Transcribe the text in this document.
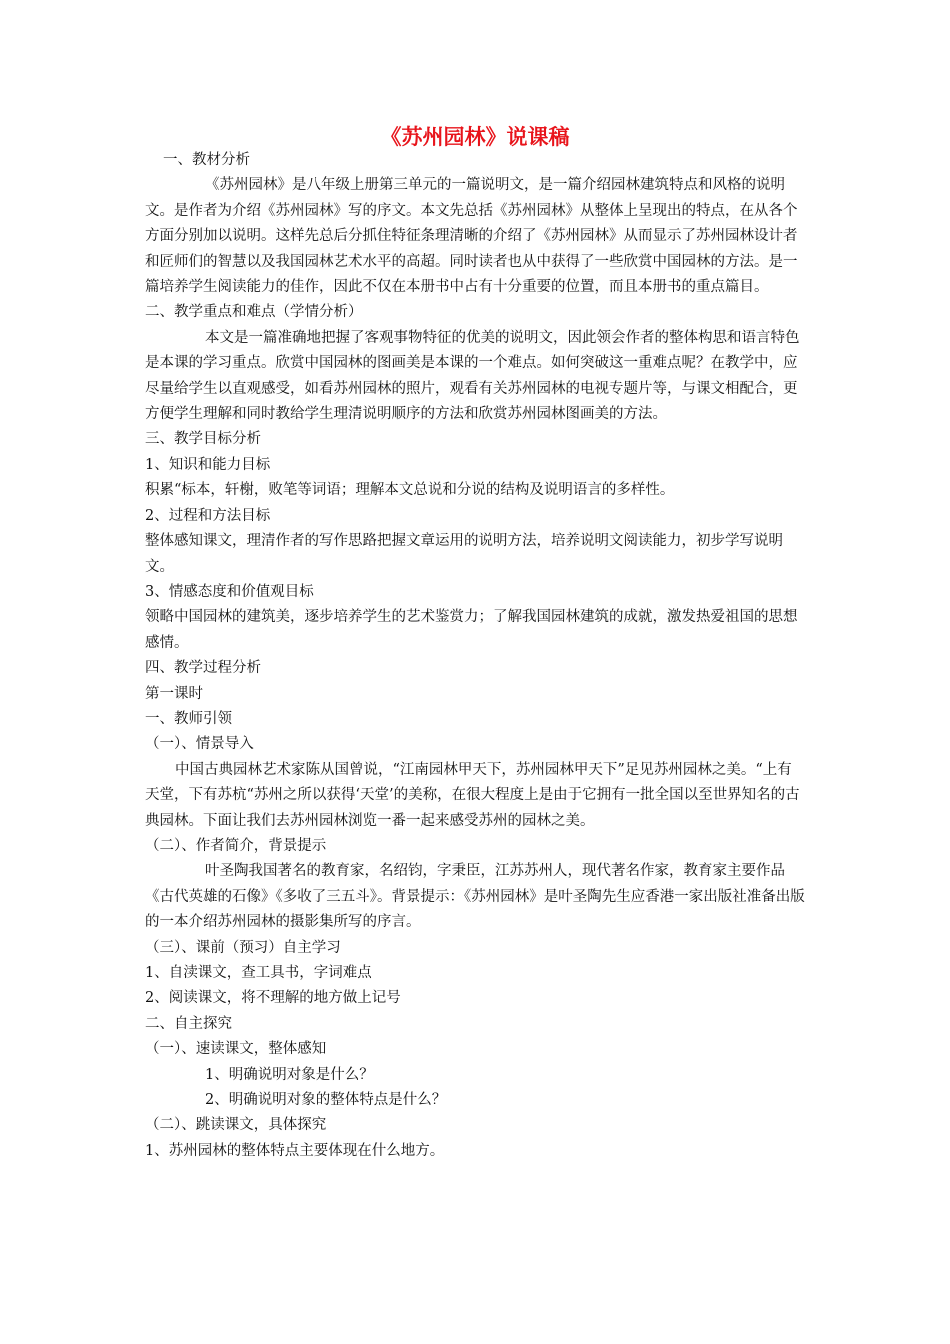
《苏州园林》说课稿

一、教材分析

《苏州园林》是八年级上册第三单元的一篇说明文，是一篇介绍园林建筑特点和风格的说明文。是作者为介绍《苏州园林》写的序文。本文先总括《苏州园林》从整体上呈现出的特点，在从各个方面分别加以说明。这样先总后分抓住特征条理清晰的介绍了《苏州园林》从而显示了苏州园林设计者和匠师们的智慧以及我国园林艺术水平的高超。同时读者也从中获得了一些欣赏中国园林的方法。是一篇培养学生阅读能力的佳作，因此不仅在本册书中占有十分重要的位置，而且本册书的重点篇目。

二、教学重点和难点（学情分析）

本文是一篇准确地把握了客观事物特征的优美的说明文，因此领会作者的整体构思和语言特色是本课的学习重点。欣赏中国园林的图画美是本课的一个难点。如何突破这一重难点呢？在教学中，应尽量给学生以直观感受，如看苏州园林的照片，观看有关苏州园林的电视专题片等，与课文相配合，更方便学生理解和同时教给学生理清说明顺序的方法和欣赏苏州园林图画美的方法。

三、教学目标分析

1、知识和能力目标

积累“标本，轩榭，败笔等词语；理解本文总说和分说的结构及说明语言的多样性。

2、过程和方法目标

整体感知课文，理清作者的写作思路把握文章运用的说明方法，培养说明文阅读能力，初步学写说明文。

3、情感态度和价值观目标

领略中国园林的建筑美，逐步培养学生的艺术鉴赏力；了解我国园林建筑的成就，激发热爱祖国的思想感情。

四、教学过程分析

第一课时

一、教师引领

（一）、情景导入

中国古典园林艺术家陈从国曾说，“江南园林甲天下，苏州园林甲天下”足见苏州园林之美。“上有天堂，下有苏杭“苏州之所以获得‘天堂’的美称，在很大程度上是由于它拥有一批全国以至世界知名的古典园林。下面让我们去苏州园林浏览一番一起来感受苏州的园林之美。

（二）、作者简介，背景提示

叶圣陶我国著名的教育家，名绍钧，字秉臣，江苏苏州人，现代著名作家，教育家主要作品《古代英雄的石像》《多收了三五斗》。背景提示：《苏州园林》是叶圣陶先生应香港一家出版社准备出版的一本介绍苏州园林的摄影集所写的序言。

（三）、课前（预习）自主学习

1、自渎课文，查工具书，字词难点

2、阅读课文，将不理解的地方做上记号

二、自主探究

（一）、速读课文，整体感知

1、明确说明对象是什么？

2、明确说明对象的整体特点是什么？

（二）、跳读课文，具体探究

1、苏州园林的整体特点主要体现在什么地方。
